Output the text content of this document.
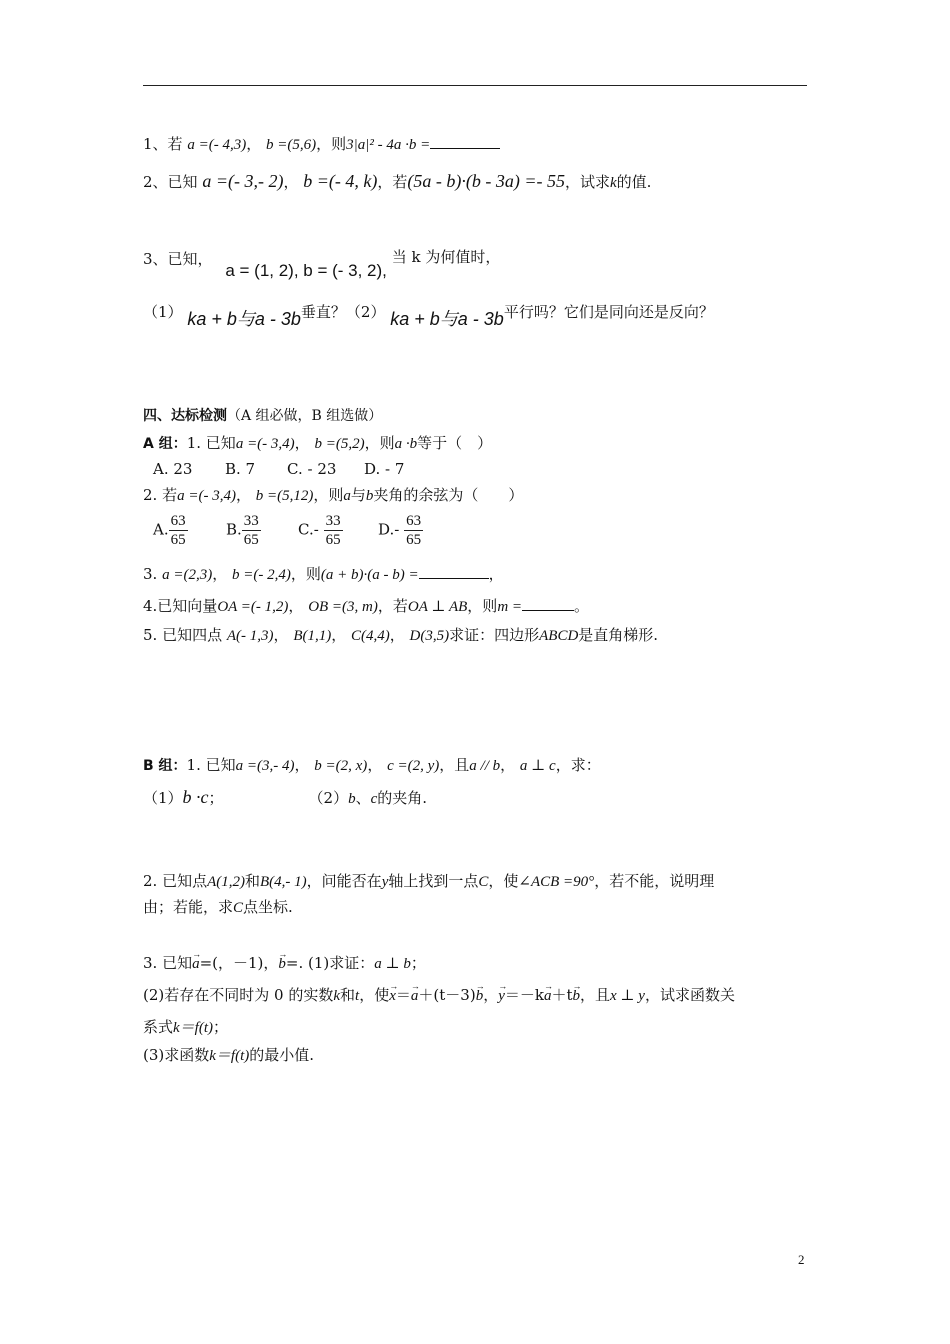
1、若 a =(- 4,3)， b =(5,6)，则3|a|² - 4a ·b =
2、已知 a =(- 3,- 2)， b =(- 4, k)，若(5a - b)·(b - 3a) =- 55，试求k的值.
3、已知， a = (1, 2), b = (- 3, 2), 当 k 为何值时，
（1） ka + b与a - 3b垂直？（2） ka + b与a - 3b平行吗？它们是同向还是反向？
四、达标检测（A 组必做，B 组选做）
A 组：1. 已知a =(- 3,4)， b =(5,2)，则a ·b等于（　）
A. 23 B. 7 C. - 23 D. - 7
2. 若a =(- 3,4)， b =(5,12)，则a与b夹角的余弦为（　　）
A. $\frac{63}{65}$	B. $\frac{33}{65} C.- \frac{33}{65} D.- \frac{63}{65}$
3. a =(2,3)， b =(- 2,4)，则(a + b)·(a - b) =	，
4.已知向量OA =(- 1,2)， OB =(3, m)，若OA ⊥ AB，则m =	。
5. 已知四点 A(- 1,3)， B(1,1)， C(4,4)， D(3,5)求证：四边形ABCD是直角梯形.
B 组：1. 已知a =(3,- 4)， b =(2, x)， c =(2, y)，且a // b， a ⊥ c，求：
（1）b ·c；	（2）b、c的夹角.
2. 已知点A(1,2)和B(4,- 1)，问能否在y轴上找到一点C，使∠ACB =90°，若不能，说明理
由；若能，求C点坐标.
3. 已知→ a=(，－1)，→ b=. (1)求证：a ⊥ b；
(2)若存在不同时为 0 的实数k和t，使→ x＝→ a＋(t－3)→ b，→ y＝－k→ a＋t→ b，且x ⊥ y，试求函数关
系式k＝f(t)；
(3)求函数k＝f(t)的最小值.
2
